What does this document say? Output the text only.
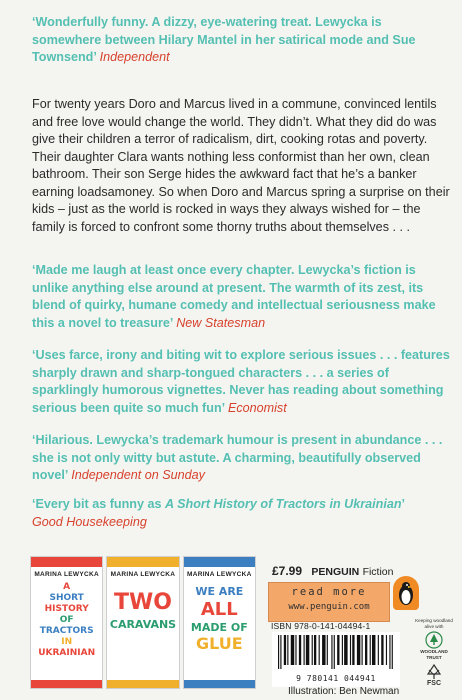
‘Wonderfully funny. A dizzy, eye-watering treat. Lewycka is somewhere between Hilary Mantel in her satirical mode and Sue Townsend’ Independent
For twenty years Doro and Marcus lived in a commune, convinced lentils and free love would change the world. They didn’t. What they did do was give their children a terror of radicalism, dirt, cooking rotas and poverty. Their daughter Clara wants nothing less conformist than her own, clean bathroom. Their son Serge hides the awkward fact that he’s a banker earning loadsamoney. So when Doro and Marcus spring a surprise on their kids – just as the world is rocked in ways they always wished for – the family is forced to confront some thorny truths about themselves . . .
‘Made me laugh at least once every chapter. Lewycka’s fiction is unlike anything else around at present. The warmth of its zest, its blend of quirky, humane comedy and intellectual seriousness make this a novel to treasure’ New Statesman
‘Uses farce, irony and biting wit to explore serious issues . . . features sharply drawn and sharp-tongued characters . . . a series of sparklingly humorous vignettes. Never has reading about something serious been quite so much fun’ Economist
‘Hilarious. Lewycka’s trademark humour is present in abundance . . . she is not only witty but astute. A charming, beautifully observed novel’ Independent on Sunday
‘Every bit as funny as A Short History of Tractors in Ukrainian’
Good Housekeeping
MARINA LEWYCKA
A
SHORT
HISTORY
OF
TRACTORS
IN
UKRAINIAN
MARINA LEWYCKA
TWO
CARAVANS
MARINA LEWYCKA
WE ARE
ALL
MADE OF
GLUE
£7.99 PENGUIN Fiction
read more
www.penguin.com
ISBN 978-0-141-04494-1
9 780141 044941
Keeping woodland alive with
WOODLAND TRUST
FSC
Illustration: Ben Newman
